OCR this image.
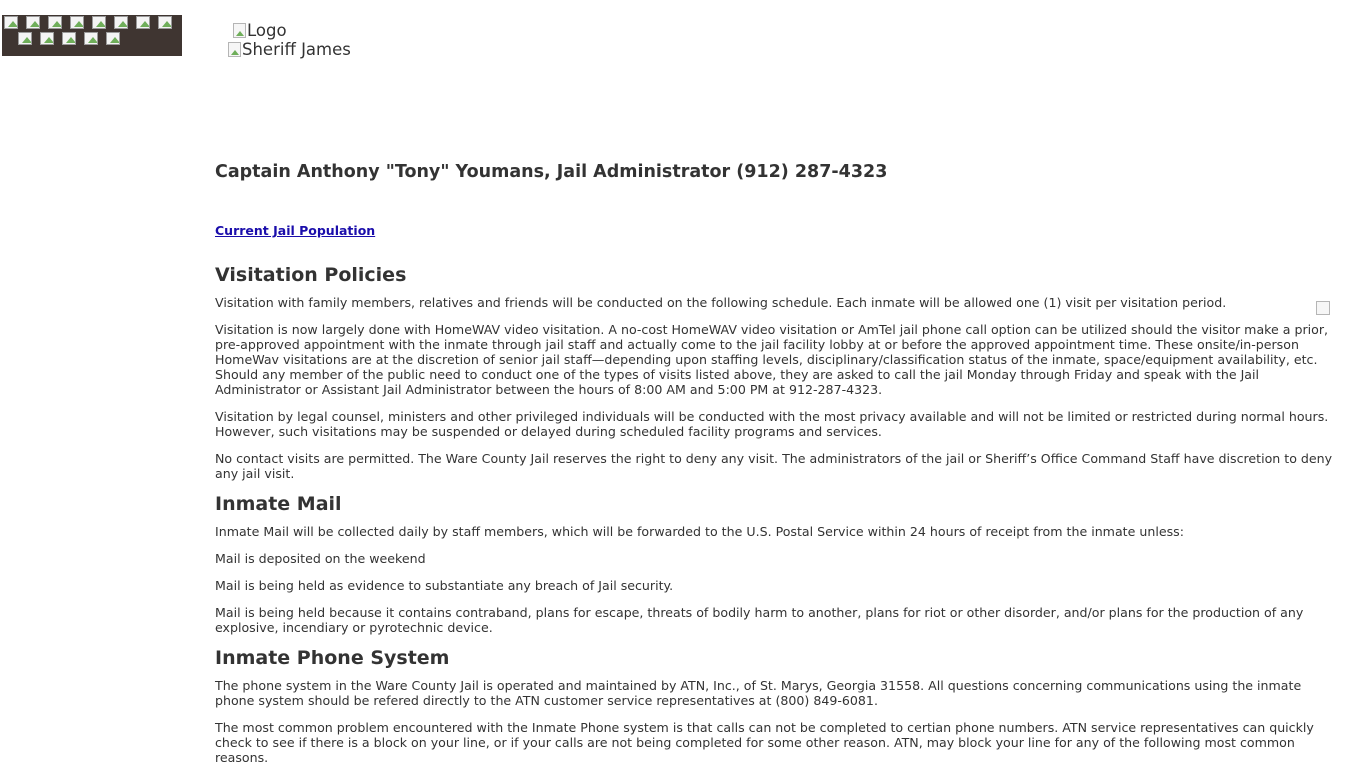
Logo
Sheriff James
Captain Anthony "Tony" Youmans, Jail Administrator (912) 287-4323
Current Jail Population
Visitation Policies

Visitation with family members, relatives and friends will be conducted on the following schedule. Each inmate will be allowed one (1) visit per visitation period.

Visitation is now largely done with HomeWAV video visitation. A no-cost HomeWAV video visitation or AmTel jail phone call option can be utilized should the visitor make a prior, pre-approved appointment with the inmate through jail staff and actually come to the jail facility lobby at or before the approved appointment time. These onsite/in-person HomeWav visitations are at the discretion of senior jail staff—depending upon staffing levels, disciplinary/classification status of the inmate, space/equipment availability, etc. Should any member of the public need to conduct one of the types of visits listed above, they are asked to call the jail Monday through Friday and speak with the Jail Administrator or Assistant Jail Administrator between the hours of 8:00 AM and 5:00 PM at 912-287-4323.

Visitation by legal counsel, ministers and other privileged individuals will be conducted with the most privacy available and will not be limited or restricted during normal hours. However, such visitations may be suspended or delayed during scheduled facility programs and services.

No contact visits are permitted. The Ware County Jail reserves the right to deny any visit. The administrators of the jail or Sheriff’s Office Command Staff have discretion to deny any jail visit.

Inmate Mail

Inmate Mail will be collected daily by staff members, which will be forwarded to the U.S. Postal Service within 24 hours of receipt from the inmate unless:

Mail is deposited on the weekend

Mail is being held as evidence to substantiate any breach of Jail security.

Mail is being held because it contains contraband, plans for escape, threats of bodily harm to another, plans for riot or other disorder, and/or plans for the production of any explosive, incendiary or pyrotechnic device.

Inmate Phone System

The phone system in the Ware County Jail is operated and maintained by ATN, Inc., of St. Marys, Georgia 31558. All questions concerning communications using the inmate phone system should be refered directly to the ATN customer service representatives at (800) 849-6081.

The most common problem encountered with the Inmate Phone system is that calls can not be completed to certian phone numbers. ATN service representatives can quickly check to see if there is a block on your line, or if your calls are not being completed for some other reason. ATN, may block your line for any of the following most common reasons.
